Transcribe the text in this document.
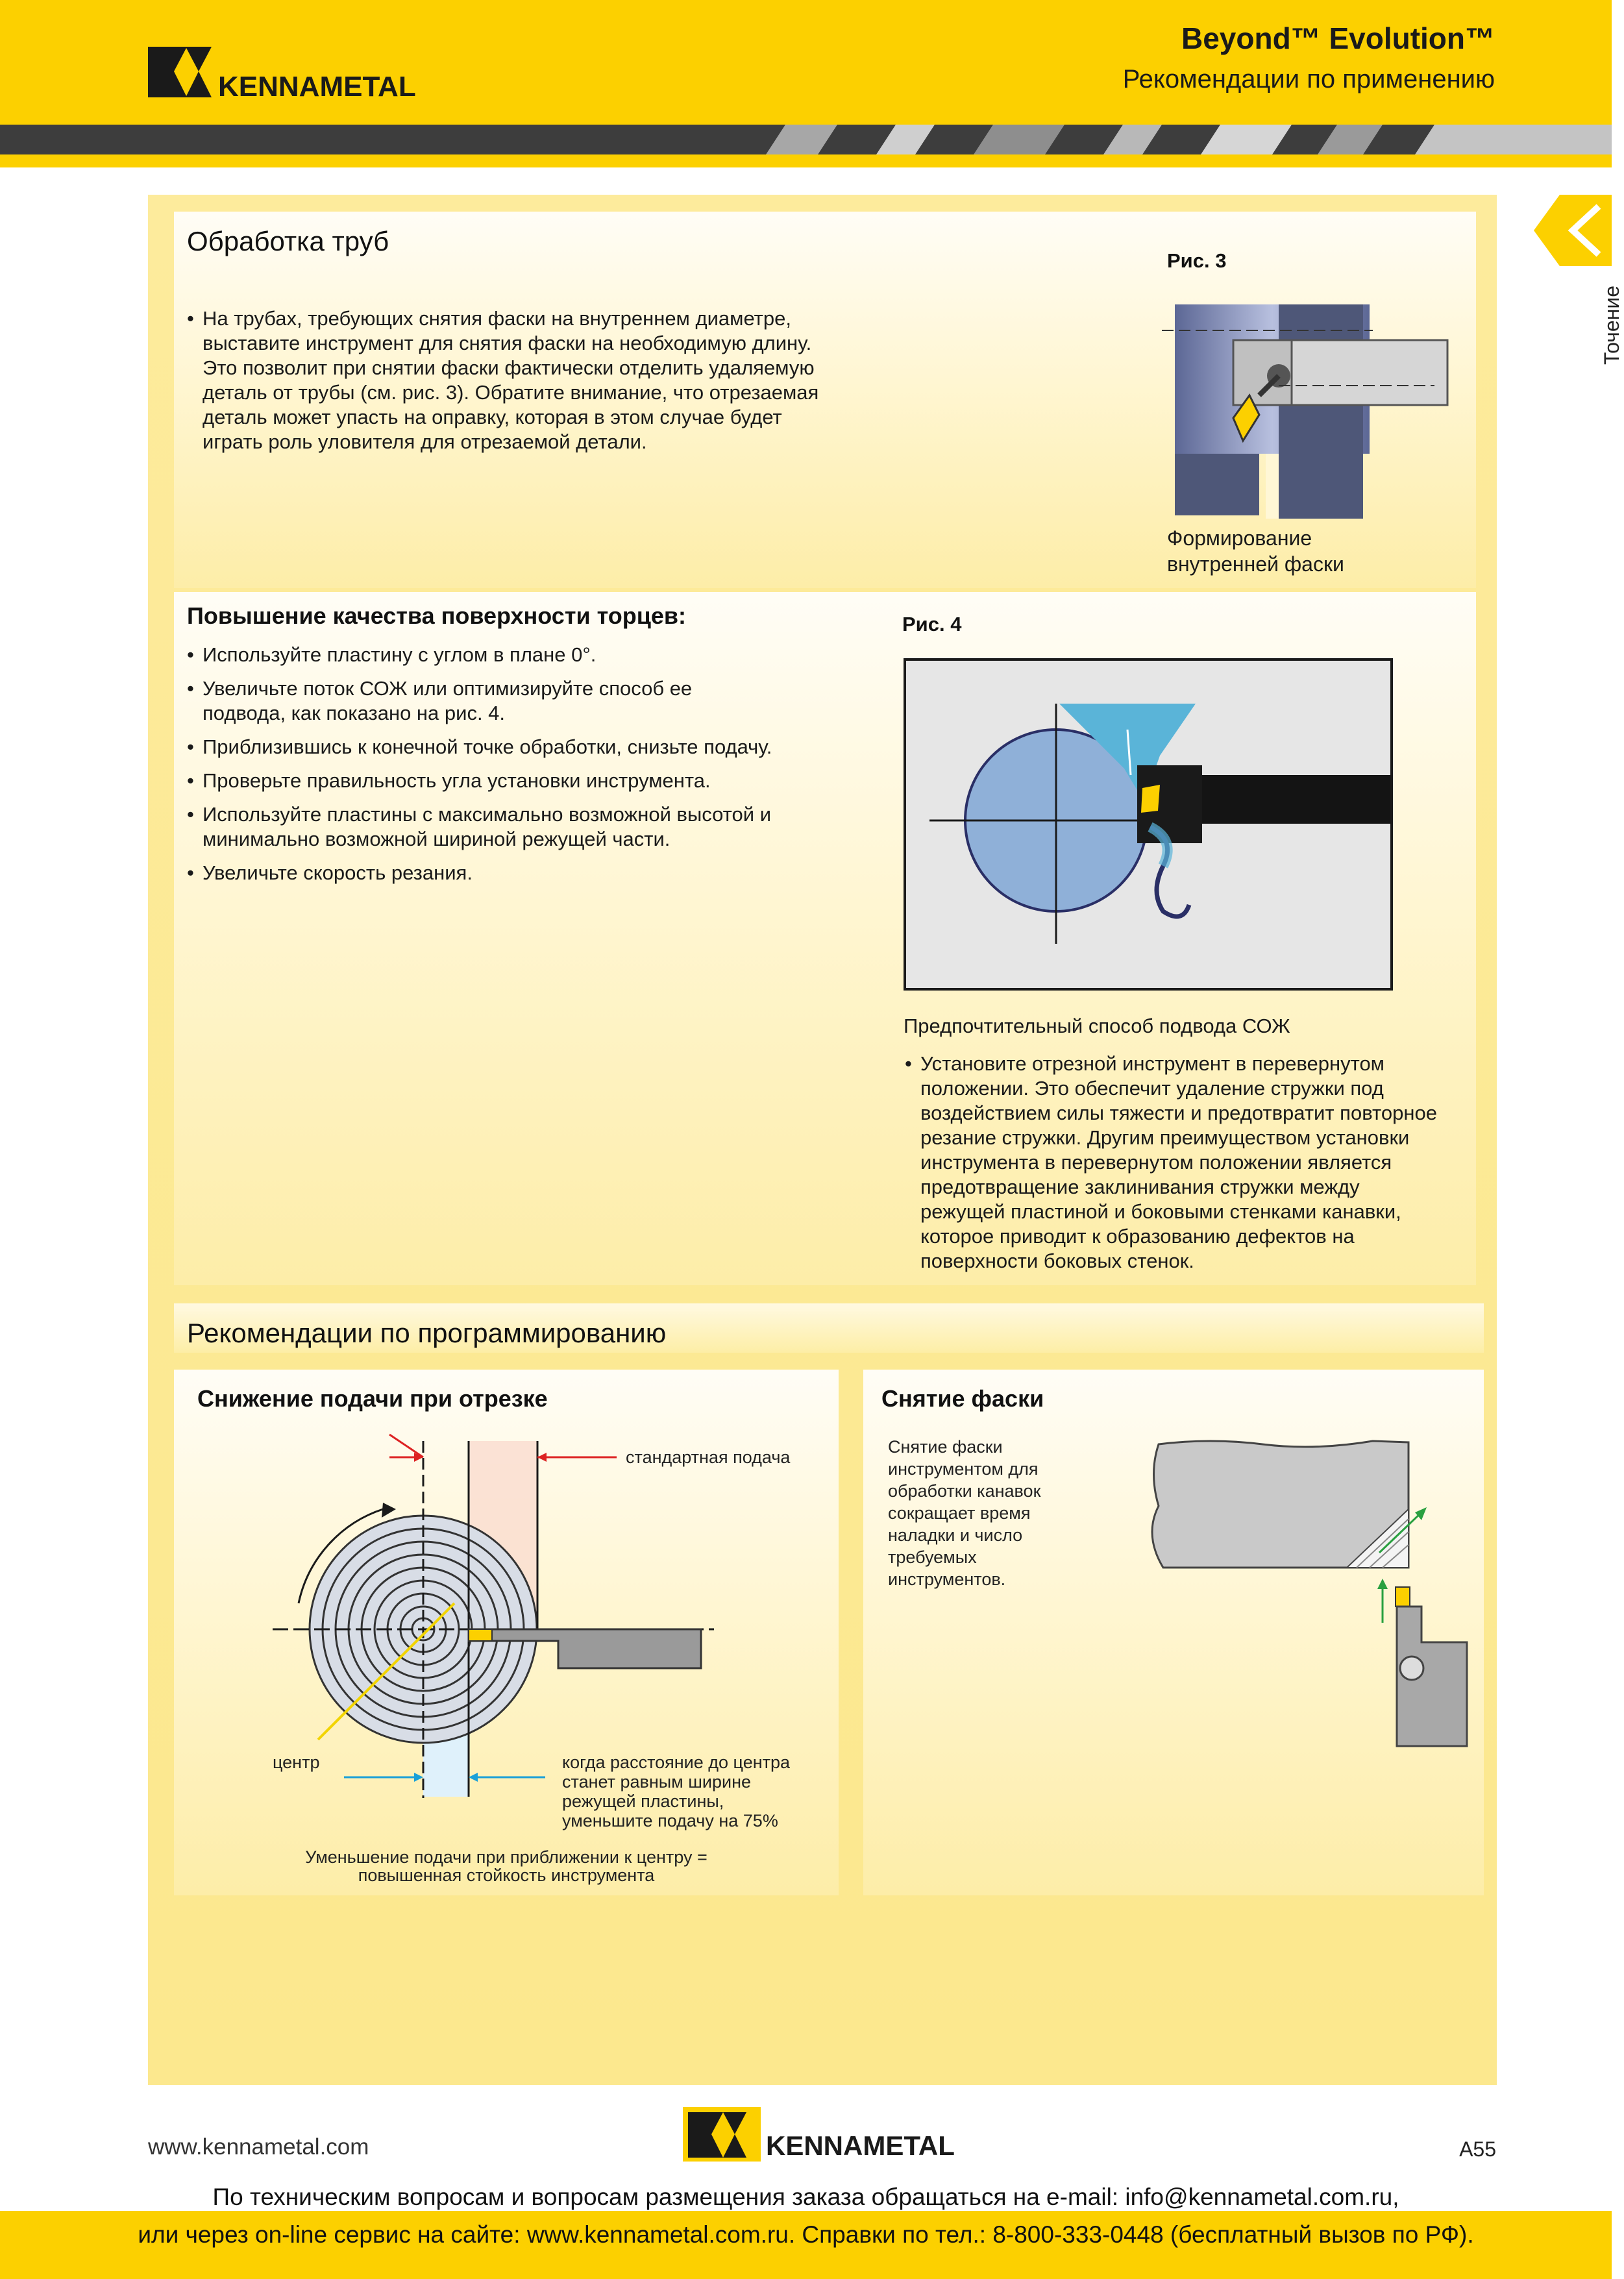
KENNAMETAL
Beyond™ Evolution™
Рекомендации по применению
Точение
Обработка труб
• На трубах, требующих снятия фаски на внутреннем диаметре, выставите инструмент для снятия фаски на необходимую длину. Это позволит при снятии фаски фактически отделить удаляемую деталь от трубы (см. рис. 3). Обратите внимание, что отрезаемая деталь может упасть на оправку, которая в этом случае будет играть роль уловителя для отрезаемой детали.
Рис. 3
Формирование
внутренней фаски
Повышение качества поверхности торцев:
• Используйте пластину с углом в плане 0°.
• Увеличьте поток СОЖ или оптимизируйте способ ее подвода, как показано на рис. 4.
• Приблизившись к конечной точке обработки, снизьте подачу.
• Проверьте правильность угла установки инструмента.
• Используйте пластины с максимально возможной высотой и минимально возможной шириной режущей части.
• Увеличьте скорость резания.
Рис. 4
Предпочтительный способ подвода СОЖ
• Установите отрезной инструмент в перевернутом положении. Это обеспечит удаление стружки под воздействием силы тяжести и предотвратит повторное резание стружки. Другим преимуществом установки инструмента в перевернутом положении является предотвращение заклинивания стружки между режущей пластиной и боковыми стенками канавки, которое приводит к образованию дефектов на поверхности боковых стенок.
Рекомендации по программированию
Снижение подачи при отрезке
стандартная подача
центр	когда расстояние до центра
станет равным ширине
режущей пластины,
уменьшите подачу на 75%
Уменьшение подачи при приближении к центру =
повышенная стойкость инструмента
Снятие фаски
Снятие фаски
инструментом для
обработки канавок
сокращает время
наладки и число
требуемых
инструментов.
www.kennametal.com	KENNAMETAL	A55
По техническим вопросам и вопросам размещения заказа обращаться на e-mail: info@kennametal.com.ru,
или через on-line сервис на сайте: www.kennametal.com.ru. Справки по тел.: 8-800-333-0448 (бесплатный вызов по РФ).
